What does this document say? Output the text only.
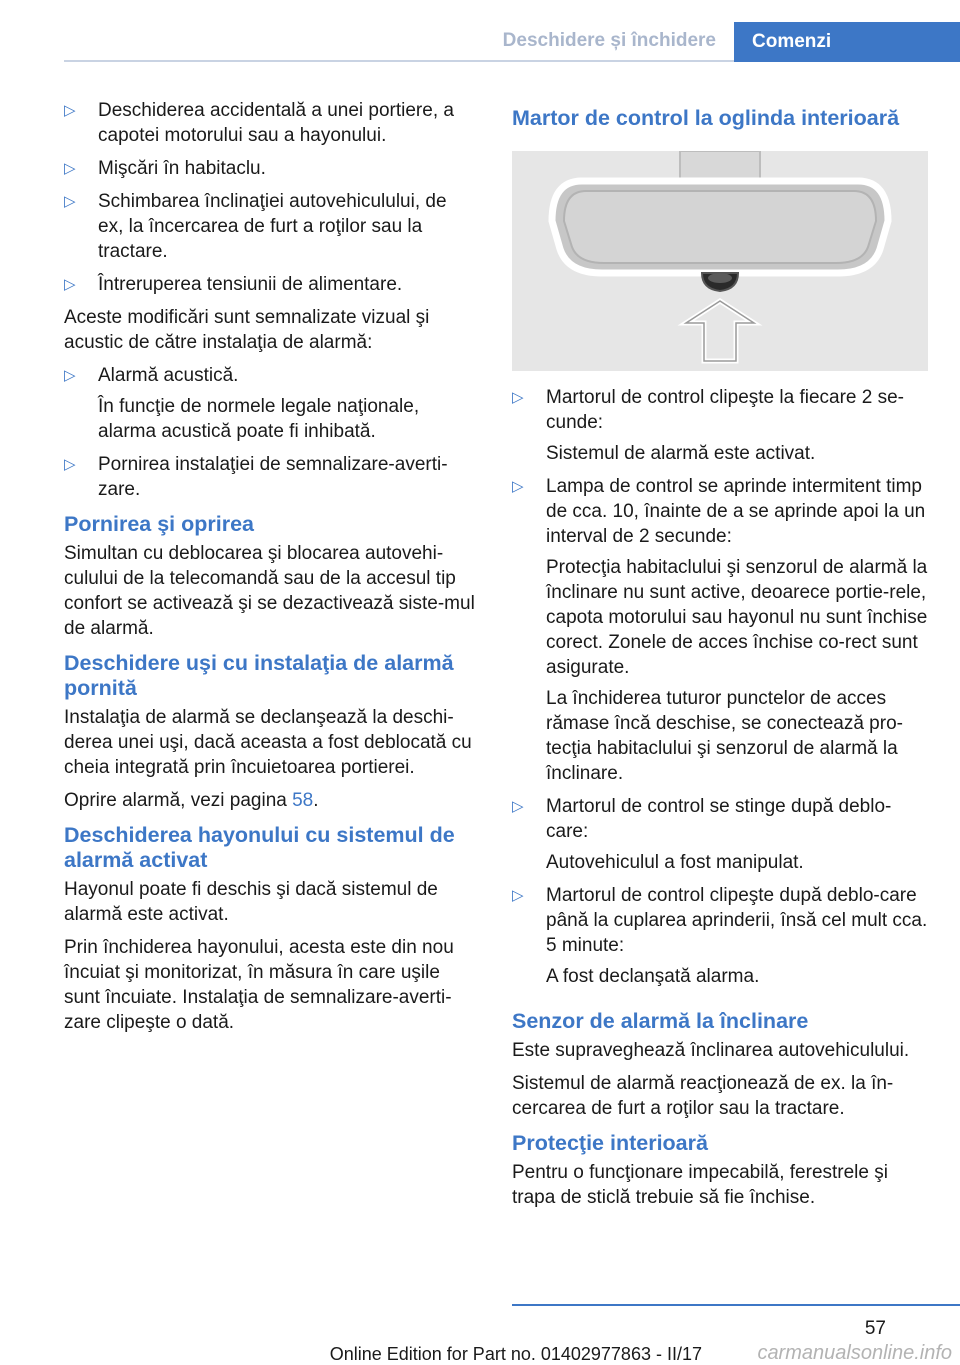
Deschidere și închidere	Comenzi
▷ Deschiderea accidentală a unei portiere, a capotei motorului sau a hayonului.
▷ Mişcări în habitaclu.
▷ Schimbarea înclinaţiei autovehiculului, de ex, la încercarea de furt a roţilor sau la tractare.
▷ Întreruperea tensiunii de alimentare.

Aceste modificări sunt semnalizate vizual şi acustic de către instalaţia de alarmă:

▷ Alarmă acustică.

În funcţie de normele legale naţionale, alarma acustică poate fi inhibată.

▷ Pornirea instalaţiei de semnalizare-averti-zare.
Pornirea şi oprirea

Simultan cu deblocarea şi blocarea autovehi-culului de la telecomandă sau de la accesul tip confort se activează şi se dezactivează siste-mul de alarmă.

Deschidere uşi cu instalaţia de alarmă pornită

Instalaţia de alarmă se declanşează la deschi-derea unei uşi, dacă aceasta a fost deblocată cu cheia integrată prin încuietoarea portierei.

Oprire alarmă, vezi pagina 58.

Deschiderea hayonului cu sistemul de alarmă activat

Hayonul poate fi deschis şi dacă sistemul de alarmă este activat.

Prin închiderea hayonului, acesta este din nou încuiat şi monitorizat, în măsura în care uşile sunt încuiate. Instalaţia de semnalizare-averti-zare clipeşte o dată.

Martor de control la oglinda interioară
▷ Martorul de control clipeşte la fiecare 2 se-cunde:

Sistemul de alarmă este activat.

▷ Lampa de control se aprinde intermitent timp de cca. 10, înainte de a se aprinde apoi la un interval de 2 secunde:

Protecţia habitaclului şi senzorul de alarmă la înclinare nu sunt active, deoarece portie-rele, capota motorului sau hayonul nu sunt închise corect. Zonele de acces închise co-rect sunt asigurate.

La închiderea tuturor punctelor de acces rămase încă deschise, se conectează pro-tecţia habitaclului şi senzorul de alarmă la înclinare.

▷ Martorul de control se stinge după deblo-care:

Autovehiculul a fost manipulat.

▷ Martorul de control clipeşte după deblo-care până la cuplarea aprinderii, însă cel mult cca. 5 minute:

A fost declanşată alarma.

Senzor de alarmă la înclinare

Este supraveghează înclinarea autovehiculului.

Sistemul de alarmă reacţionează de ex. la în-cercarea de furt a roţilor sau la tractare.

Protecţie interioară

Pentru o funcţionare impecabilă, ferestrele şi trapa de sticlă trebuie să fie închise.

57
Online Edition for Part no. 01402977863 - II/17	carmanualsonline.info
